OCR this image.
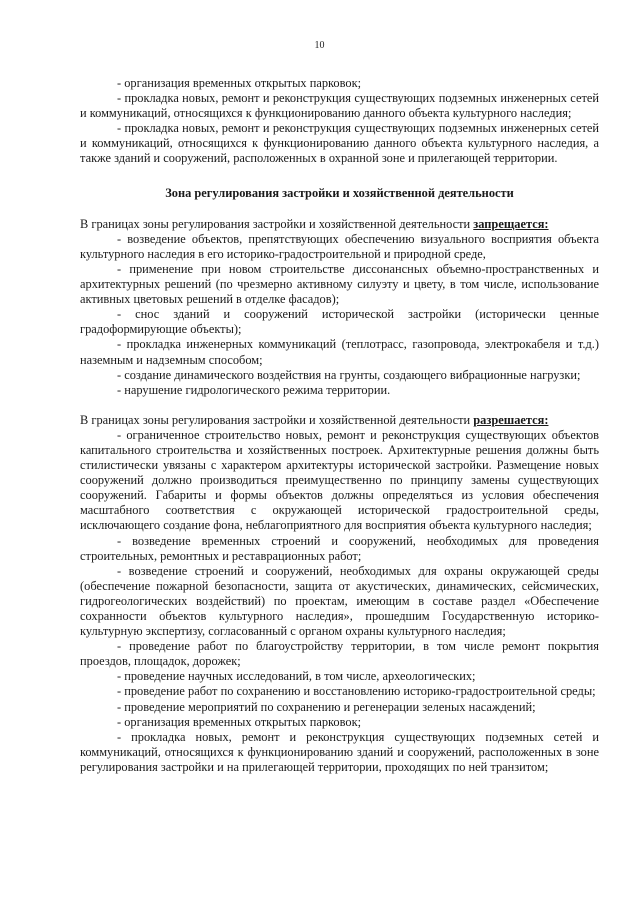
10

- организация временных открытых парковок;

- прокладка новых, ремонт и реконструкция существующих подземных инженерных сетей и коммуникаций, относящихся к функционированию данного объекта культурного наследия;

- прокладка новых, ремонт и реконструкция существующих подземных инженерных сетей и коммуникаций, относящихся к функционированию данного объекта культурного наследия, а также зданий и сооружений, расположенных в охранной зоне и прилегающей территории.

Зона регулирования застройки и хозяйственной деятельности

В границах зоны регулирования застройки и хозяйственной деятельности запрещается:

- возведение объектов, препятствующих обеспечению визуального восприятия объекта культурного наследия в его историко-градостроительной и природной среде,

- применение при новом строительстве диссонансных объемно-пространственных и архитектурных решений (по чрезмерно активному силуэту и цвету, в том числе, использование активных цветовых решений в отделке фасадов);

- снос зданий и сооружений исторической застройки (исторически ценные градоформирующие объекты);

- прокладка инженерных коммуникаций (теплотрасс, газопровода, электрокабеля и т.д.) наземным и надземным способом;

- создание динамического воздействия на грунты, создающего вибрационные нагрузки;

- нарушение гидрологического режима территории.

В границах зоны регулирования застройки и хозяйственной деятельности разрешается:

- ограниченное строительство новых, ремонт и реконструкция существующих объектов капитального строительства и хозяйственных построек. Архитектурные решения должны быть стилистически увязаны с характером архитектуры исторической застройки. Размещение новых сооружений должно производиться преимущественно по принципу замены существующих сооружений. Габариты и формы объектов должны определяться из условия обеспечения масштабного соответствия с окружающей исторической градостроительной среды, исключающего создание фона, неблагоприятного для восприятия объекта культурного наследия;

- возведение временных строений и сооружений, необходимых для проведения строительных, ремонтных и реставрационных работ;

- возведение строений и сооружений, необходимых для охраны окружающей среды (обеспечение пожарной безопасности, защита от акустических, динамических, сейсмических, гидрогеологических воздействий) по проектам, имеющим в составе раздел «Обеспечение сохранности объектов культурного наследия», прошедшим Государственную историко-культурную экспертизу, согласованный с органом охраны культурного наследия;

- проведение работ по благоустройству территории, в том числе ремонт покрытия проездов, площадок, дорожек;

- проведение научных исследований, в том числе, археологических;

- проведение работ по сохранению и восстановлению историко-градостроительной среды;

- проведение мероприятий по сохранению и регенерации зеленых насаждений;

- организация временных открытых парковок;

- прокладка новых, ремонт и реконструкция существующих подземных сетей и коммуникаций, относящихся к функционированию зданий и сооружений, расположенных в зоне регулирования застройки и на прилегающей территории, проходящих по ней транзитом;
